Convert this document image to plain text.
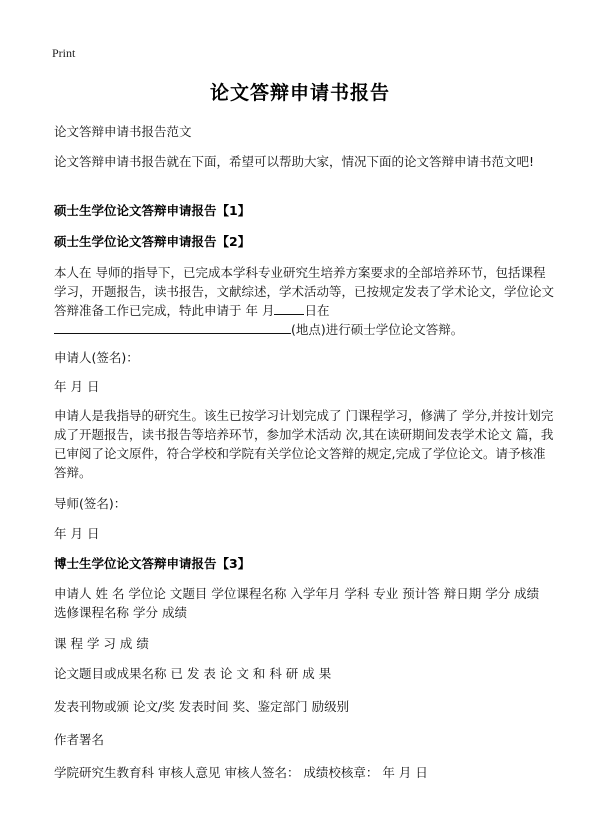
Print
论文答辩申请书报告
论文答辩申请书报告范文
论文答辩申请书报告就在下面，希望可以帮助大家，情况下面的论文答辩申请书范文吧!
硕士生学位论文答辩申请报告【1】
硕士生学位论文答辩申请报告【2】
本人在 导师的指导下，已完成本学科专业研究生培养方案要求的全部培养环节，包括课程学习，开题报告，读书报告，文献综述，学术活动等，已按规定发表了学术论文，学位论文答辩准备工作已完成，特此申请于 年 月 日在
(地点)进行硕士学位论文答辩。
申请人(签名)：
年 月 日
申请人是我指导的研究生。该生已按学习计划完成了 门课程学习，修满了 学分,并按计划完成了开题报告，读书报告等培养环节，参加学术活动 次,其在读研期间发表学术论文 篇，我已审阅了论文原件，符合学校和学院有关学位论文答辩的规定,完成了学位论文。请予核准答辩。
导师(签名)：
年 月 日
博士生学位论文答辩申请报告【3】
申请人 姓 名 学位论 文题目 学位课程名称 入学年月 学科 专业 预计答 辩日期 学分 成绩 选修课程名称 学分 成绩
课 程 学 习 成 绩
论文题目或成果名称 已 发 表 论 文 和 科 研 成 果
发表刊物或颁 论文/奖 发表时间 奖、鉴定部门 励级别
作者署名
学院研究生教育科 审核人意见 审核人签名： 成绩校核章： 年 月 日
